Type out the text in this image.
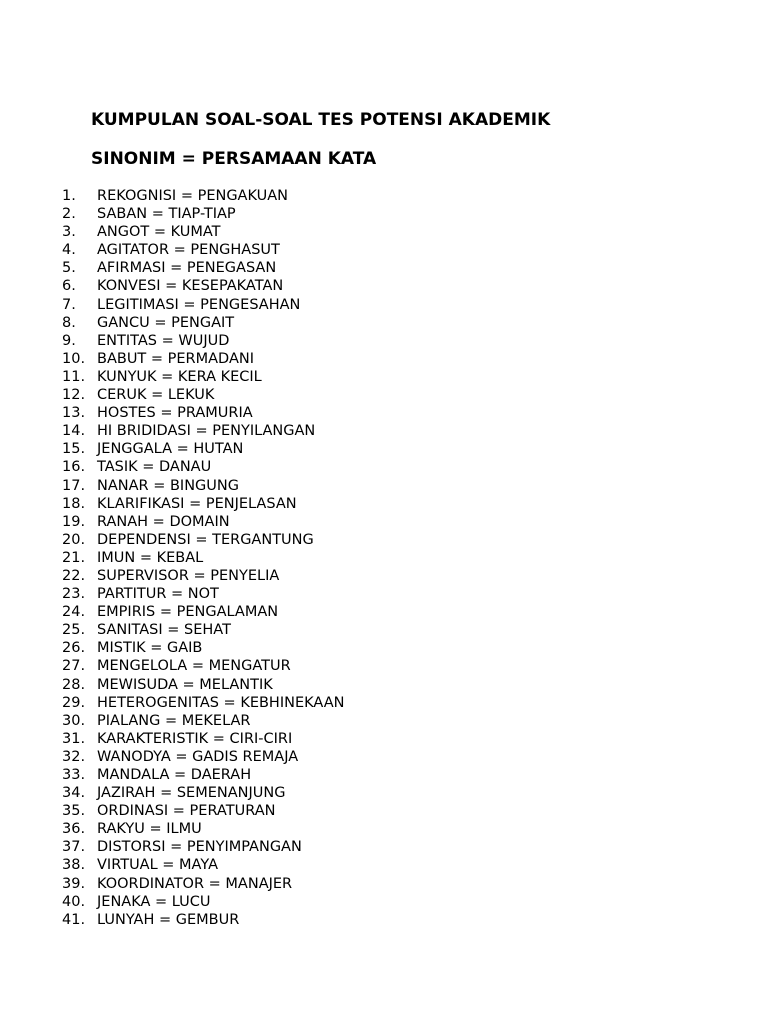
KUMPULAN SOAL-SOAL TES POTENSI AKADEMIK
SINONIM = PERSAMAAN KATA
1. REKOGNISI = PENGAKUAN
2. SABAN = TIAP-TIAP
3. ANGOT = KUMAT
4. AGITATOR = PENGHASUT
5. AFIRMASI = PENEGASAN
6. KONVESI = KESEPAKATAN
7. LEGITIMASI = PENGESAHAN
8. GANCU = PENGAIT
9. ENTITAS = WUJUD
10. BABUT = PERMADANI
11. KUNYUK = KERA KECIL
12. CERUK = LEKUK
13. HOSTES = PRAMURIA
14. HI BRIDIDASI = PENYILANGAN
15. JENGGALA = HUTAN
16. TASIK = DANAU
17. NANAR = BINGUNG
18. KLARIFIKASI = PENJELASAN
19. RANAH = DOMAIN
20. DEPENDENSI = TERGANTUNG
21. IMUN = KEBAL
22. SUPERVISOR = PENYELIA
23. PARTITUR = NOT
24. EMPIRIS = PENGALAMAN
25. SANITASI = SEHAT
26. MISTIK = GAIB
27. MENGELOLA = MENGATUR
28. MEWISUDA = MELANTIK
29. HETEROGENITAS = KEBHINEKAAN
30. PIALANG = MEKELAR
31. KARAKTERISTIK = CIRI-CIRI
32. WANODYA = GADIS REMAJA
33. MANDALA = DAERAH
34. JAZIRAH = SEMENANJUNG
35. ORDINASI = PERATURAN
36. RAKYU = ILMU
37. DISTORSI = PENYIMPANGAN
38. VIRTUAL = MAYA
39. KOORDINATOR = MANAJER
40. JENAKA = LUCU
41. LUNYAH = GEMBUR
